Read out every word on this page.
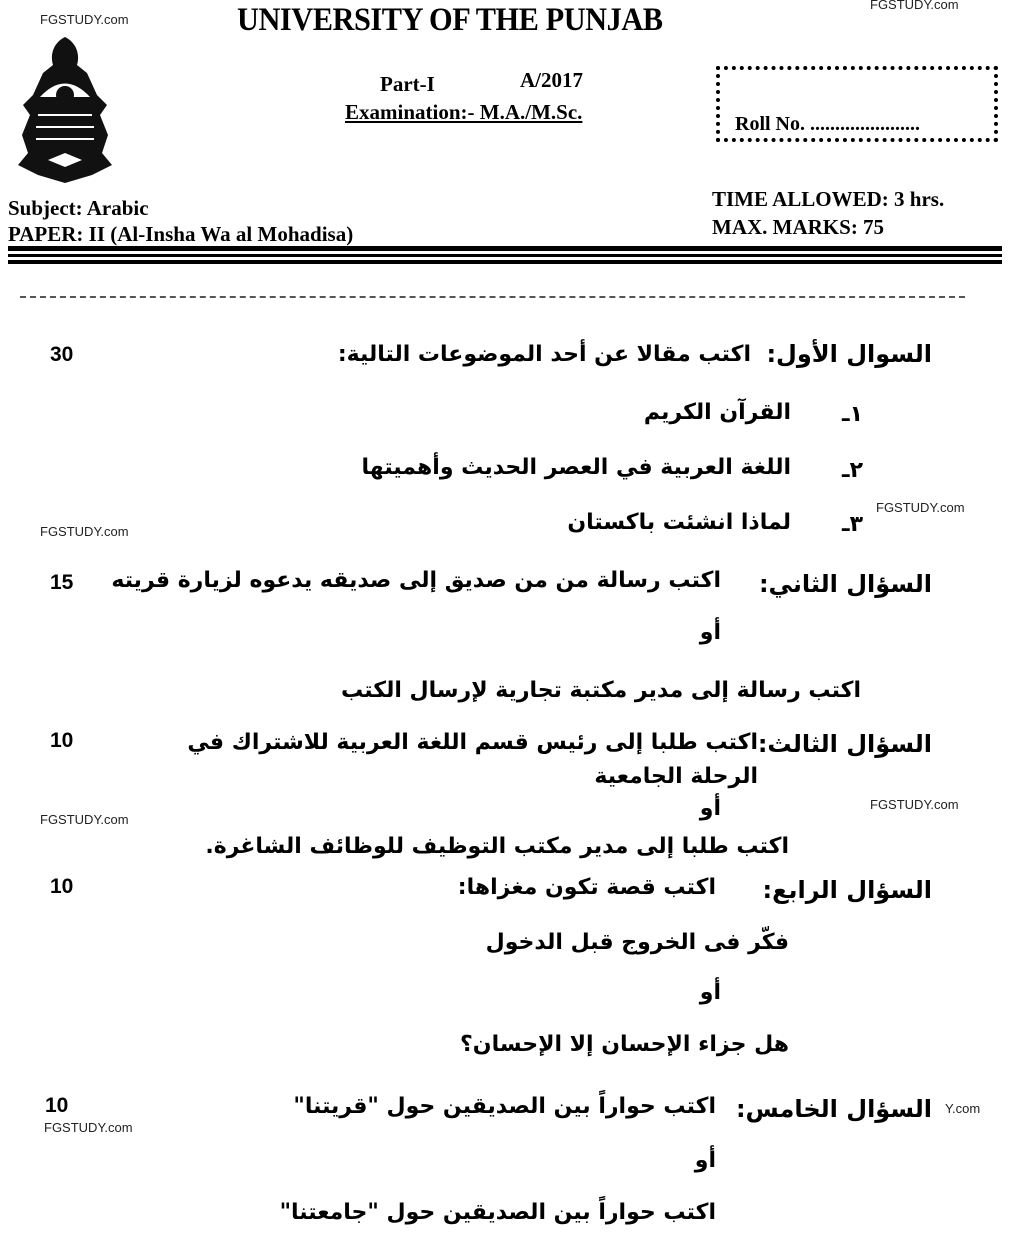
FGSTUDY.com
FGSTUDY.com
FGSTUDY.com
FGSTUDY.com
FGSTUDY.com
FGSTUDY.com
FGSTUDY.com
Y.com
UNIVERSITY OF THE PUNJAB
Part-I	A/2017
Examination:- M.A./M.Sc.	Roll No. ......................
Subject: Arabic
PAPER: II (Al-Insha Wa al Mohadisa)
TIME ALLOWED: 3 hrs.
MAX. MARKS: 75
30	السوال الأول:
اكتب مقالا عن أحد الموضوعات التالية:
١ـ
القرآن الكريم
٢ـ
اللغة العربية في العصر الحديث وأهميتها
٣ـ
لماذا انشئت باكستان
15	السؤال الثاني:
اكتب رسالة من من صديق إلى صديقه يدعوه لزيارة قريته
أو
اكتب رسالة إلى مدير مكتبة تجارية لإرسال الكتب
10	السؤال الثالث:
اكتب طلبا إلى رئيس قسم اللغة العربية للاشتراك في الرحلة الجامعية
أو
اكتب طلبا إلى مدير مكتب التوظيف للوظائف الشاغرة.
10	السؤال الرابع:
اكتب قصة تكون مغزاها:
فكّر فى الخروج قبل الدخول
أو
هل جزاء الإحسان إلا الإحسان؟
10	السؤال الخامس:
اكتب حواراً بين الصديقين حول "قريتنا"
أو
اكتب حواراً بين الصديقين حول "جامعتنا"
